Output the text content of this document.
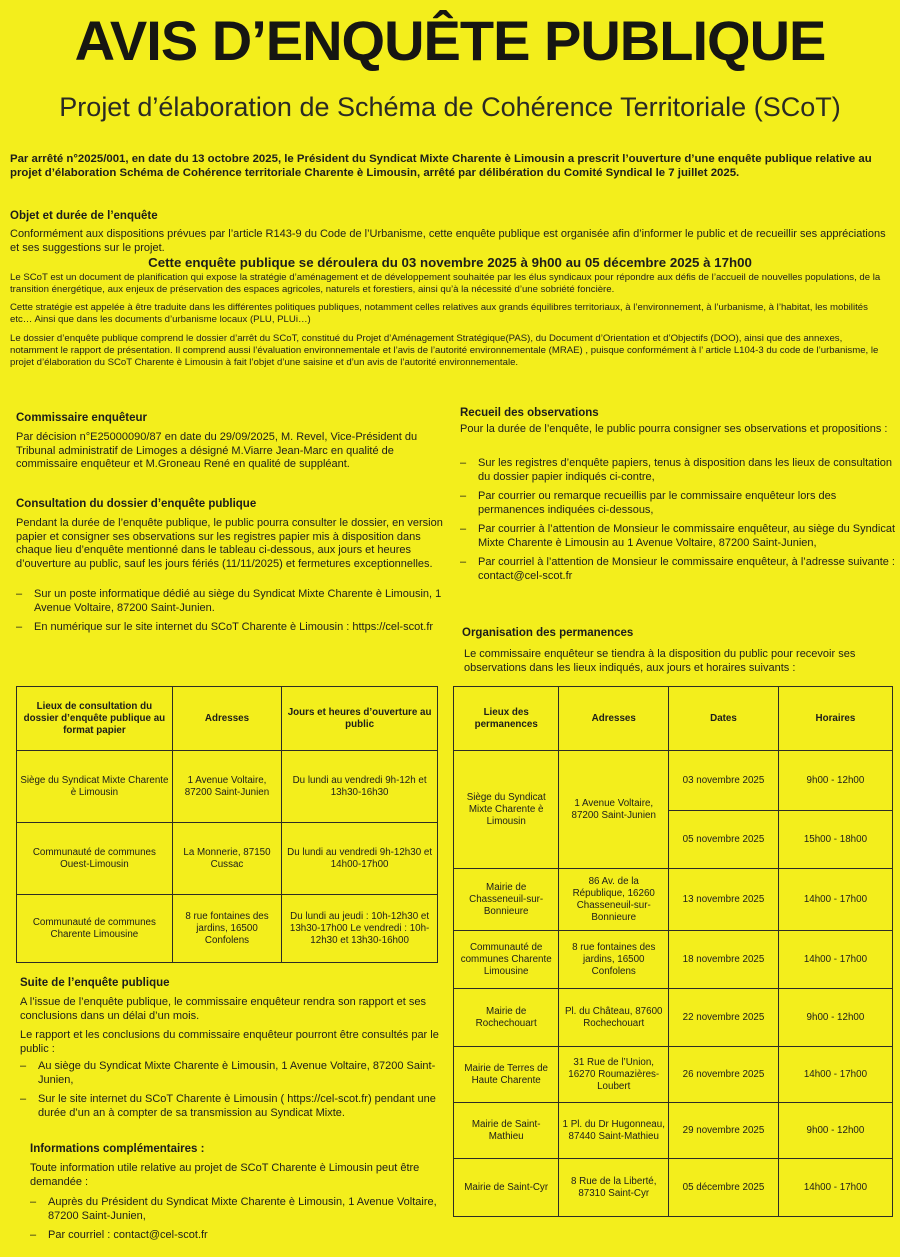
AVIS D’ENQUÊTE PUBLIQUE
Projet d’élaboration de Schéma de Cohérence Territoriale (SCoT)
Par arrêté n°2025/001, en date du 13 octobre 2025, le Président du Syndicat Mixte Charente è Limousin a prescrit l’ouverture d’une enquête publique relative au projet d’élaboration Schéma de Cohérence territoriale Charente è Limousin, arrêté par délibération du Comité Syndical le 7 juillet 2025.
Objet et durée de l’enquête
Conformément aux dispositions prévues par l’article R143-9 du Code de l’Urbanisme, cette enquête publique est organisée afin d’informer le public et de recueillir ses appréciations et ses suggestions sur le projet.
Cette enquête publique se déroulera du 03 novembre 2025 à 9h00 au 05 décembre 2025 à 17h00
Le SCoT est un document de planification qui expose la stratégie d’aménagement et de développement souhaitée par les élus syndicaux pour répondre aux défis de l’accueil de nouvelles populations, de la transition énergétique, aux enjeux de préservation des espaces agricoles, naturels et forestiers, ainsi qu’à la nécessité d’une sobriété foncière.
Cette stratégie est appelée à être traduite dans les différentes politiques publiques, notamment celles relatives aux grands équilibres territoriaux, à l’environnement, à l’urbanisme, à l’habitat, les mobilités etc… Ainsi que dans les documents d’urbanisme locaux (PLU, PLUi…)
Le dossier d’enquête publique comprend le dossier d’arrêt du SCoT, constitué du Projet d’Aménagement Stratégique(PAS), du Document d’Orientation et d’Objectifs (DOO), ainsi que des annexes, notamment le rapport de présentation. Il comprend aussi l’évaluation environnementale et l’avis de l’autorité environnementale (MRAE) , puisque conformément à l’ article L104-3 du code de l’urbanisme, le projet d’élaboration du SCoT Charente è Limousin à fait l’objet d’une saisine et d’un avis de l’autorité environnementale.
Commissaire enquêteur
Par décision n°E25000090/87 en date du 29/09/2025, M. Revel, Vice-Président du Tribunal administratif de Limoges a désigné M.Viarre Jean-Marc en qualité de commissaire enquêteur et M.Groneau René en qualité de suppléant.
Consultation du dossier d’enquête publique
Pendant la durée de l’enquête publique, le public pourra consulter le dossier, en version papier et consigner ses observations sur les registres papier mis à disposition dans chaque lieu d’enquête mentionné dans le tableau ci-dessous, aux jours et heures d’ouverture au public, sauf les jours fériés (11/11/2025) et fermetures exceptionnelles.
–	Sur un poste informatique dédié au siège du Syndicat Mixte Charente è Limousin, 1 Avenue Voltaire, 87200 Saint-Junien.
–	En numérique sur le site internet du SCoT Charente è Limousin : https://cel-scot.fr
Recueil des observations
Pour la durée de l’enquête, le public pourra consigner ses observations et propositions :
–	Sur les registres d’enquête papiers, tenus à disposition dans les lieux de consultation du dossier papier indiqués ci-contre,
–	Par courrier ou remarque recueillis par le commissaire enquêteur lors des permanences indiquées ci-dessous,
–	Par courrier à l’attention de Monsieur le commissaire enquêteur, au siège du Syndicat Mixte Charente è Limousin au 1 Avenue Voltaire, 87200 Saint-Junien,
–	Par courriel à l’attention de Monsieur le commissaire enquêteur, à l’adresse suivante : contact@cel-scot.fr
Organisation des permanences
Le commissaire enquêteur se tiendra à la disposition du public pour recevoir ses observations dans les lieux indiqués, aux jours et horaires suivants :
Lieux de consultation du dossier d’enquête publique au format papier	Adresses	Jours et heures d’ouverture au public
Siège du Syndicat Mixte Charente è Limousin	1 Avenue Voltaire, 87200 Saint-Junien	Du lundi au vendredi 9h-12h et 13h30-16h30
Communauté de communes Ouest-Limousin	La Monnerie, 87150 Cussac	Du lundi au vendredi 9h-12h30 et 14h00-17h00
Communauté de communes Charente Limousine	8 rue fontaines des jardins, 16500 Confolens	Du lundi au jeudi : 10h-12h30 et 13h30-17h00 Le vendredi : 10h-12h30 et 13h30-16h00
Lieux des permanences	Adresses	Dates	Horaires
Siège du Syndicat Mixte Charente è Limousin	1 Avenue Voltaire, 87200 Saint-Junien	03 novembre 2025	9h00 - 12h00
		05 novembre 2025	15h00 - 18h00
Mairie de Chasseneuil-sur-Bonnieure	86 Av. de la République, 16260 Chasseneuil-sur-Bonnieure	13 novembre 2025	14h00 - 17h00
Communauté de communes Charente Limousine	8 rue fontaines des jardins, 16500 Confolens	18 novembre 2025	14h00 - 17h00
Mairie de Rochechouart	Pl. du Château, 87600 Rochechouart	22 novembre 2025	9h00 - 12h00
Mairie de Terres de Haute Charente	31 Rue de l’Union, 16270 Roumazières-Loubert	26 novembre 2025	14h00 - 17h00
Mairie de Saint-Mathieu	1 Pl. du Dr Hugonneau, 87440 Saint-Mathieu	29 novembre 2025	9h00 - 12h00
Mairie de Saint-Cyr	8 Rue de la Liberté, 87310 Saint-Cyr	05 décembre 2025	14h00 - 17h00
Suite de l’enquête publique
A l’issue de l’enquête publique, le commissaire enquêteur rendra son rapport et ses conclusions dans un délai d’un mois.
Le rapport et les conclusions du commissaire enquêteur pourront être consultés par le public :
–	Au siège du Syndicat Mixte Charente è Limousin, 1 Avenue Voltaire, 87200 Saint-Junien,
–	Sur le site internet du SCoT Charente è Limousin ( https://cel-scot.fr) pendant une durée d’un an à compter de sa transmission au Syndicat Mixte.
Informations complémentaires :
Toute information utile relative au projet de SCoT Charente è Limousin peut être demandée :
–	Auprès du Président du Syndicat Mixte Charente è Limousin, 1 Avenue Voltaire, 87200 Saint-Junien,
–	Par courriel : contact@cel-scot.fr
